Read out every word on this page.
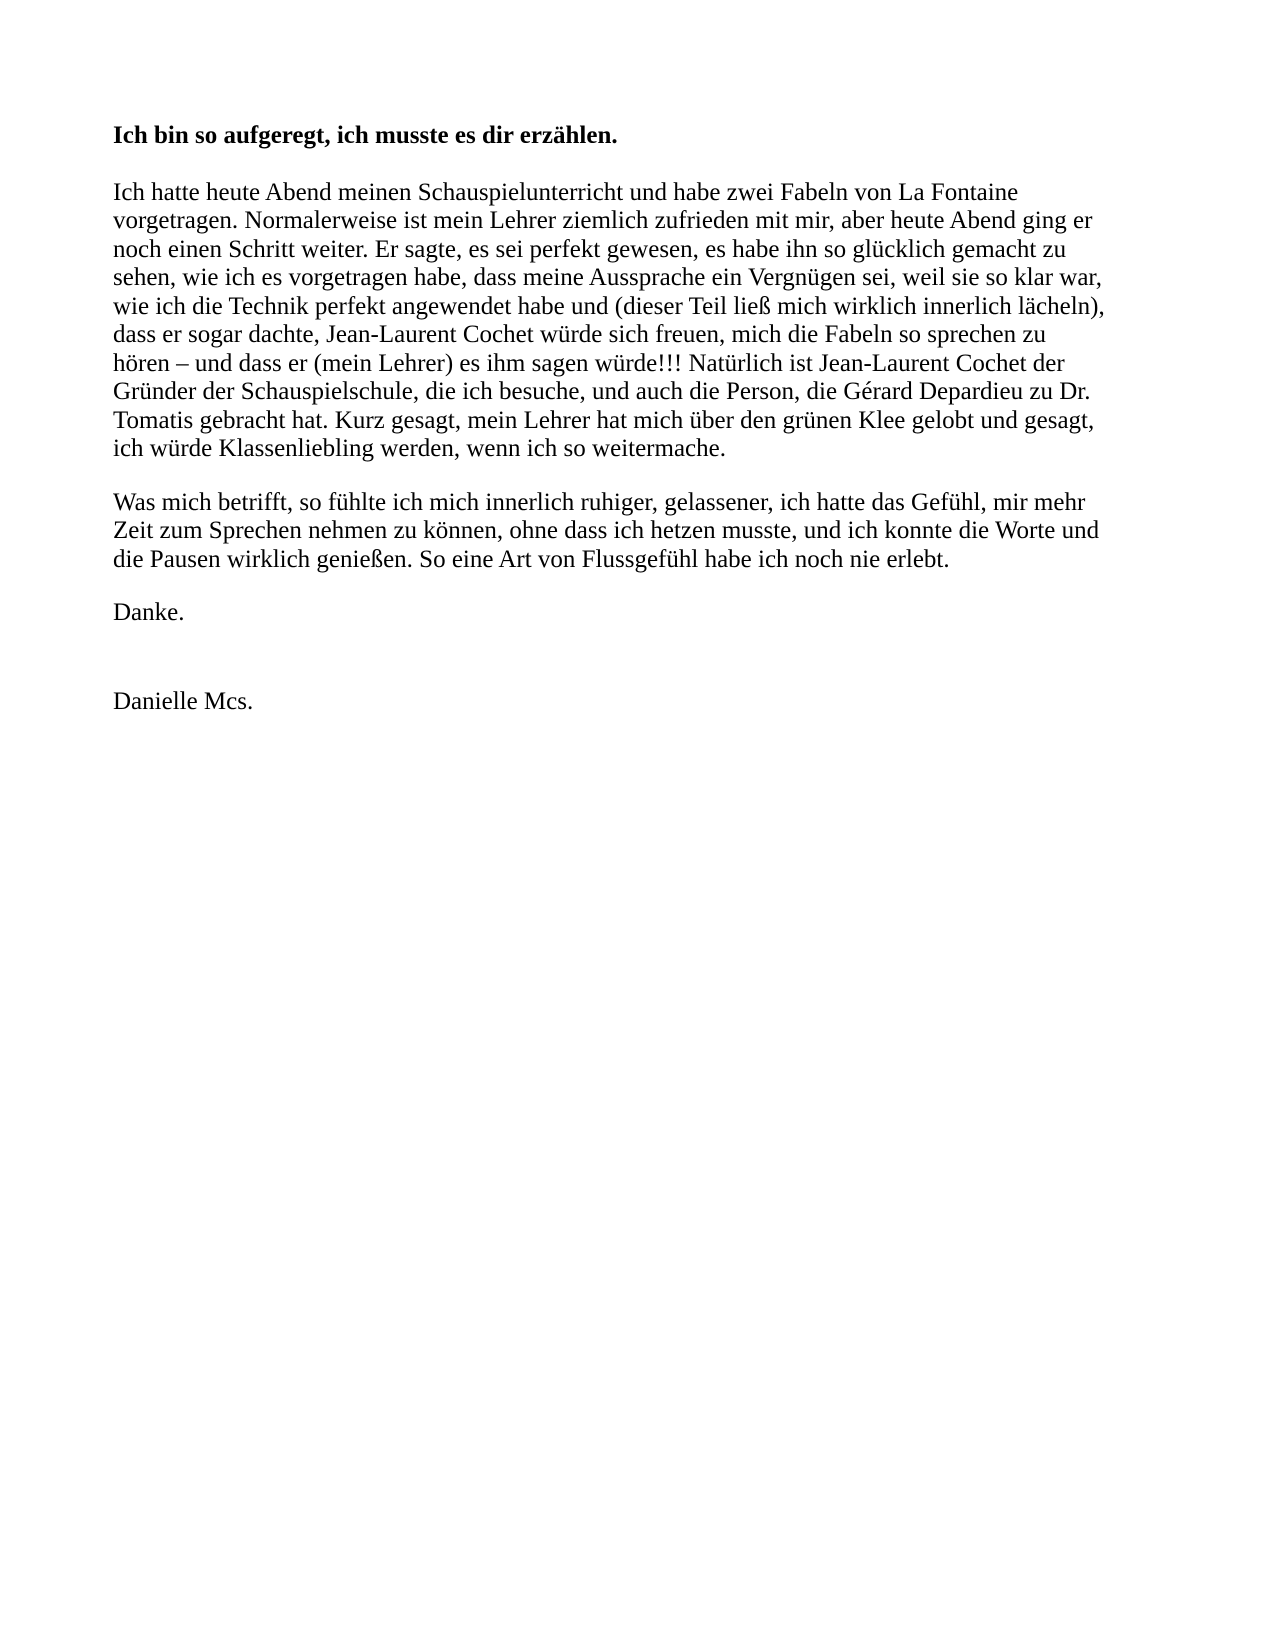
Ich bin so aufgeregt, ich musste es dir erzählen.

Ich hatte heute Abend meinen Schauspielunterricht und habe zwei Fabeln von La Fontaine vorgetragen. Normalerweise ist mein Lehrer ziemlich zufrieden mit mir, aber heute Abend ging er noch einen Schritt weiter. Er sagte, es sei perfekt gewesen, es habe ihn so glücklich gemacht zu sehen, wie ich es vorgetragen habe, dass meine Aussprache ein Vergnügen sei, weil sie so klar war, wie ich die Technik perfekt angewendet habe und (dieser Teil ließ mich wirklich innerlich lächeln), dass er sogar dachte, Jean-Laurent Cochet würde sich freuen, mich die Fabeln so sprechen zu hören – und dass er (mein Lehrer) es ihm sagen würde!!! Natürlich ist Jean-Laurent Cochet der Gründer der Schauspielschule, die ich besuche, und auch die Person, die Gérard Depardieu zu Dr. Tomatis gebracht hat. Kurz gesagt, mein Lehrer hat mich über den grünen Klee gelobt und gesagt, ich würde Klassenliebling werden, wenn ich so weitermache.

Was mich betrifft, so fühlte ich mich innerlich ruhiger, gelassener, ich hatte das Gefühl, mir mehr Zeit zum Sprechen nehmen zu können, ohne dass ich hetzen musste, und ich konnte die Worte und die Pausen wirklich genießen. So eine Art von Flussgefühl habe ich noch nie erlebt.

Danke.

Danielle Mcs.
